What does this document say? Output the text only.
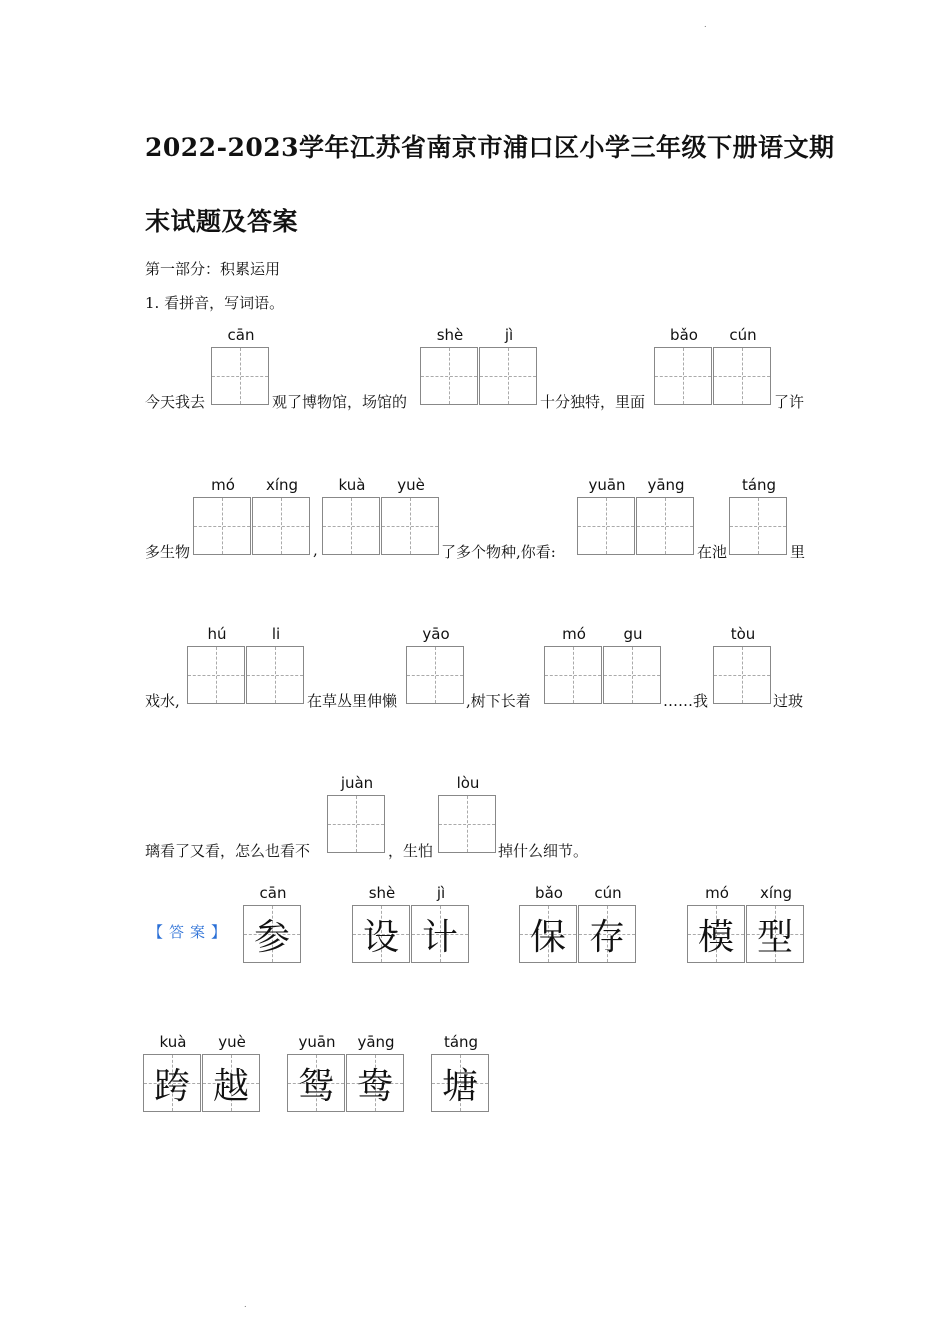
.
.
2022-2023学年江苏省南京市浦口区小学三年级下册语文期
末试题及答案
第一部分：积累运用
1. 看拼音，写词语。
cān	shè	jì	bǎo	cún
今天我去	观了博物馆，场馆的	十分独特，里面	了许
mó	xíng	kuà	yuè	yuān	yāng	táng
多生物	,	了多个物种,你看:	在池	里
hú	li	yāo	mó	gu	tòu
戏水,	在草丛里伸懒	,树下长着	……我	过玻
juàn	lòu
璃看了又看，怎么也看不	，生怕	掉什么细节。
【答案】
cān
参
shè	jì
设 计
bǎo	cún
保 存
mó	xíng
模 型
kuà	yuè
跨 越
yuān	yāng
鸳 鸯
táng
塘
